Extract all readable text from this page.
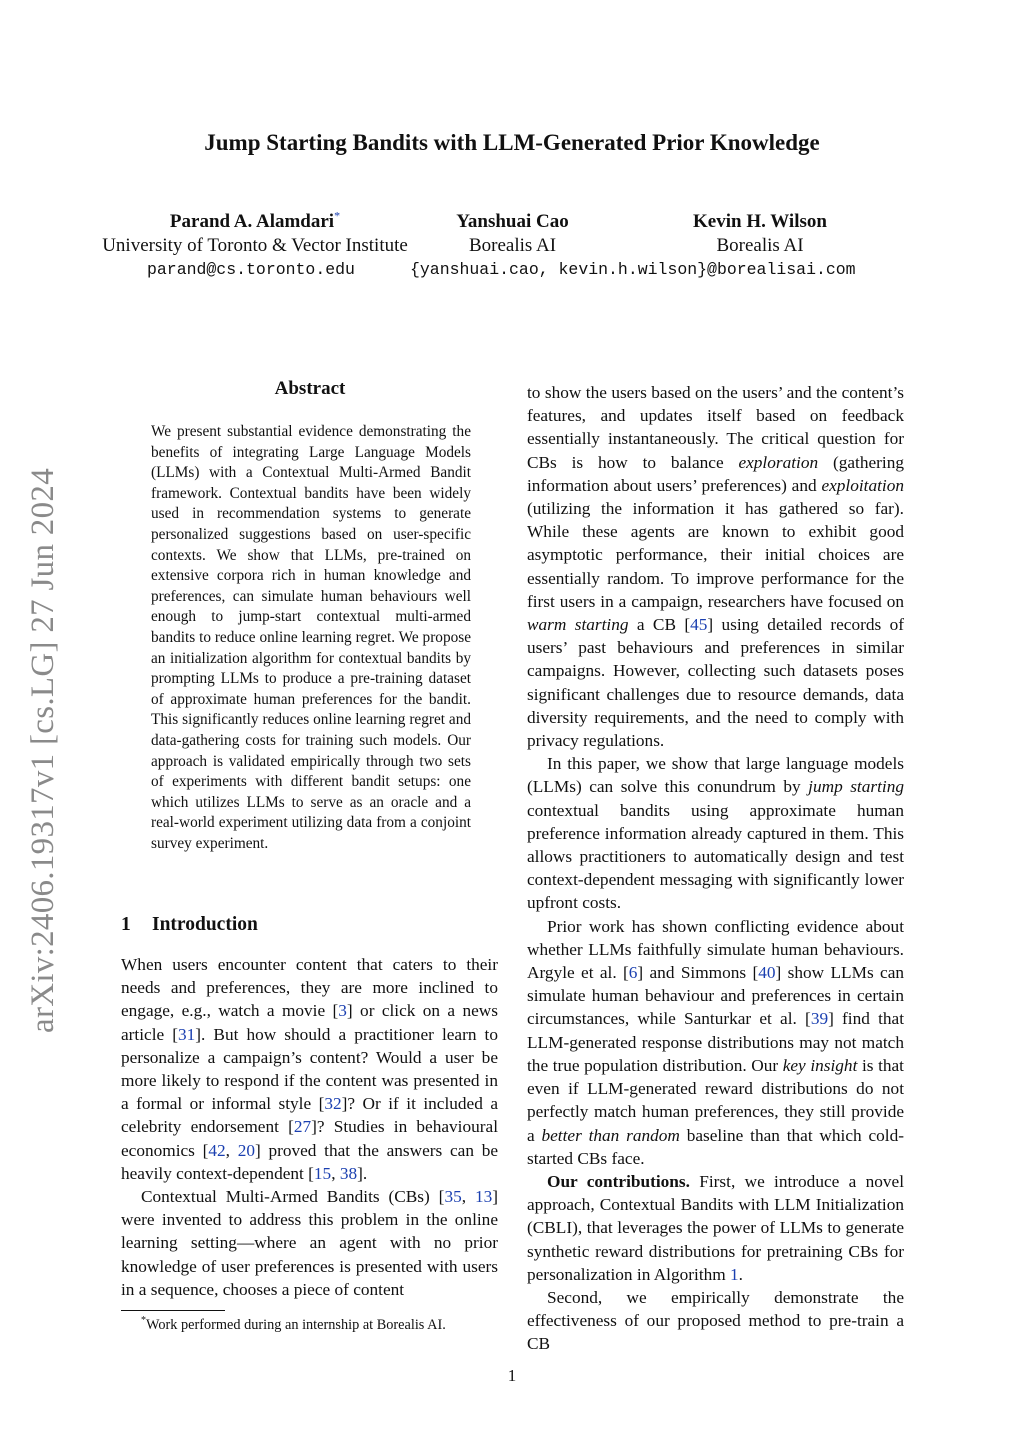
arXiv:2406.19317v1 [cs.LG] 27 Jun 2024
Jump Starting Bandits with LLM-Generated Prior Knowledge
Parand A. Alamdari*
University of Toronto & Vector Institute
Yanshuai Cao
Borealis AI
Kevin H. Wilson
Borealis AI
parand@cs.toronto.edu	{yanshuai.cao, kevin.h.wilson}@borealisai.com
Abstract
We present substantial evidence demonstrating the benefits of integrating Large Language Models (LLMs) with a Contextual Multi-Armed Bandit framework. Contextual bandits have been widely used in recommendation systems to generate personalized suggestions based on user-specific contexts. We show that LLMs, pre-trained on extensive corpora rich in human knowledge and preferences, can simulate human behaviours well enough to jump-start contextual multi-armed bandits to reduce online learning regret. We propose an initialization algorithm for contextual bandits by prompting LLMs to produce a pre-training dataset of approximate human preferences for the bandit. This significantly reduces online learning regret and data-gathering costs for training such models. Our approach is validated empirically through two sets of experiments with different bandit setups: one which utilizes LLMs to serve as an oracle and a real-world experiment utilizing data from a conjoint survey experiment.
1 Introduction

When users encounter content that caters to their needs and preferences, they are more inclined to engage, e.g., watch a movie [3] or click on a news article [31]. But how should a practitioner learn to personalize a campaign’s content? Would a user be more likely to respond if the content was presented in a formal or informal style [32]? Or if it included a celebrity endorsement [27]? Studies in behavioural economics [42, 20] proved that the answers can be heavily context-dependent [15, 38].

Contextual Multi-Armed Bandits (CBs) [35, 13] were invented to address this problem in the online learning setting—where an agent with no prior knowledge of user preferences is presented with users in a sequence, chooses a piece of content

to show the users based on the users’ and the content’s features, and updates itself based on feedback essentially instantaneously. The critical question for CBs is how to balance exploration (gathering information about users’ preferences) and exploitation (utilizing the information it has gathered so far). While these agents are known to exhibit good asymptotic performance, their initial choices are essentially random. To improve performance for the first users in a campaign, researchers have focused on warm starting a CB [45] using detailed records of users’ past behaviours and preferences in similar campaigns. However, collecting such datasets poses significant challenges due to resource demands, data diversity requirements, and the need to comply with privacy regulations.

In this paper, we show that large language models (LLMs) can solve this conundrum by jump starting contextual bandits using approximate human preference information already captured in them. This allows practitioners to automatically design and test context-dependent messaging with significantly lower upfront costs.

Prior work has shown conflicting evidence about whether LLMs faithfully simulate human behaviours. Argyle et al. [6] and Simmons [40] show LLMs can simulate human behaviour and preferences in certain circumstances, while Santurkar et al. [39] find that LLM-generated response distributions may not match the true population distribution. Our key insight is that even if LLM-generated reward distributions do not perfectly match human preferences, they still provide a better than random baseline than that which cold-started CBs face.

Our contributions. First, we introduce a novel approach, Contextual Bandits with LLM Initialization (CBLI), that leverages the power of LLMs to generate synthetic reward distributions for pretraining CBs for personalization in Algorithm 1.

Second, we empirically demonstrate the effectiveness of our proposed method to pre-train a CB

*Work performed during an internship at Borealis AI.
1
